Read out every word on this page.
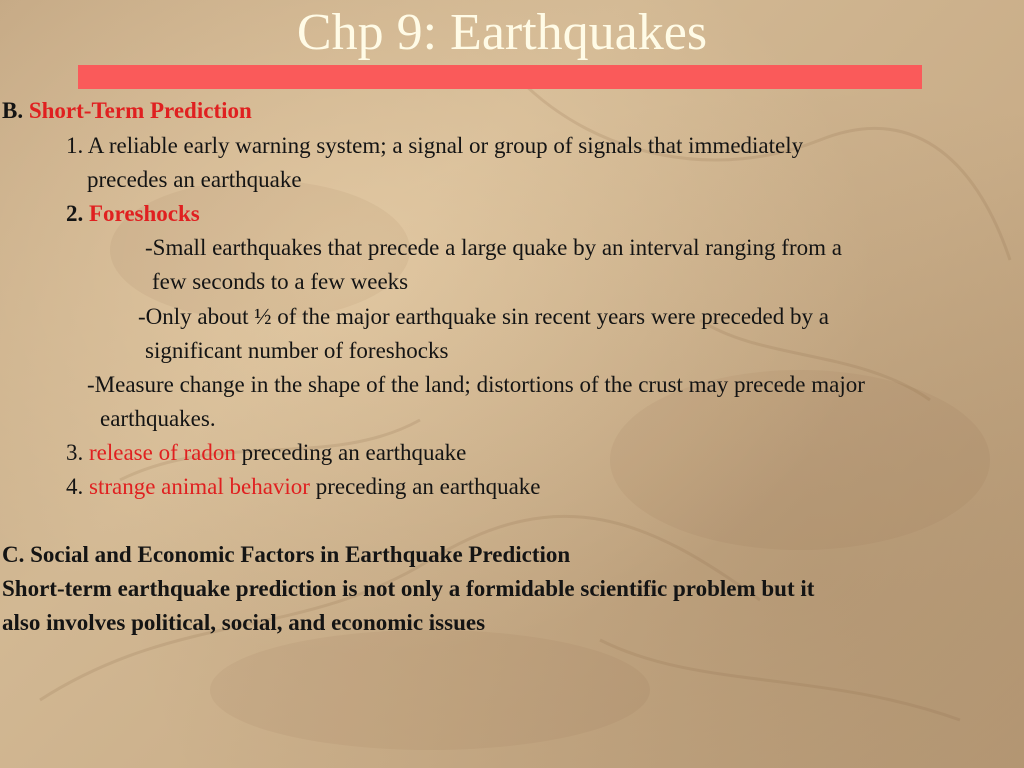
Chp 9: Earthquakes
B. Short-Term Prediction
1. A reliable early warning system; a signal or group of signals that immediately
precedes an earthquake
2. Foreshocks
-Small earthquakes that precede a large quake by an interval ranging from a
few seconds to a few weeks
-Only about ½ of the major earthquake sin recent years were preceded by a
significant number of foreshocks
-Measure change in the shape of the land; distortions of the crust may precede major
earthquakes.
3. release of radon preceding an earthquake
4. strange animal behavior preceding an earthquake
C. Social and Economic Factors in Earthquake Prediction
Short-term earthquake prediction is not only a formidable scientific problem but it
also involves political, social, and economic issues
